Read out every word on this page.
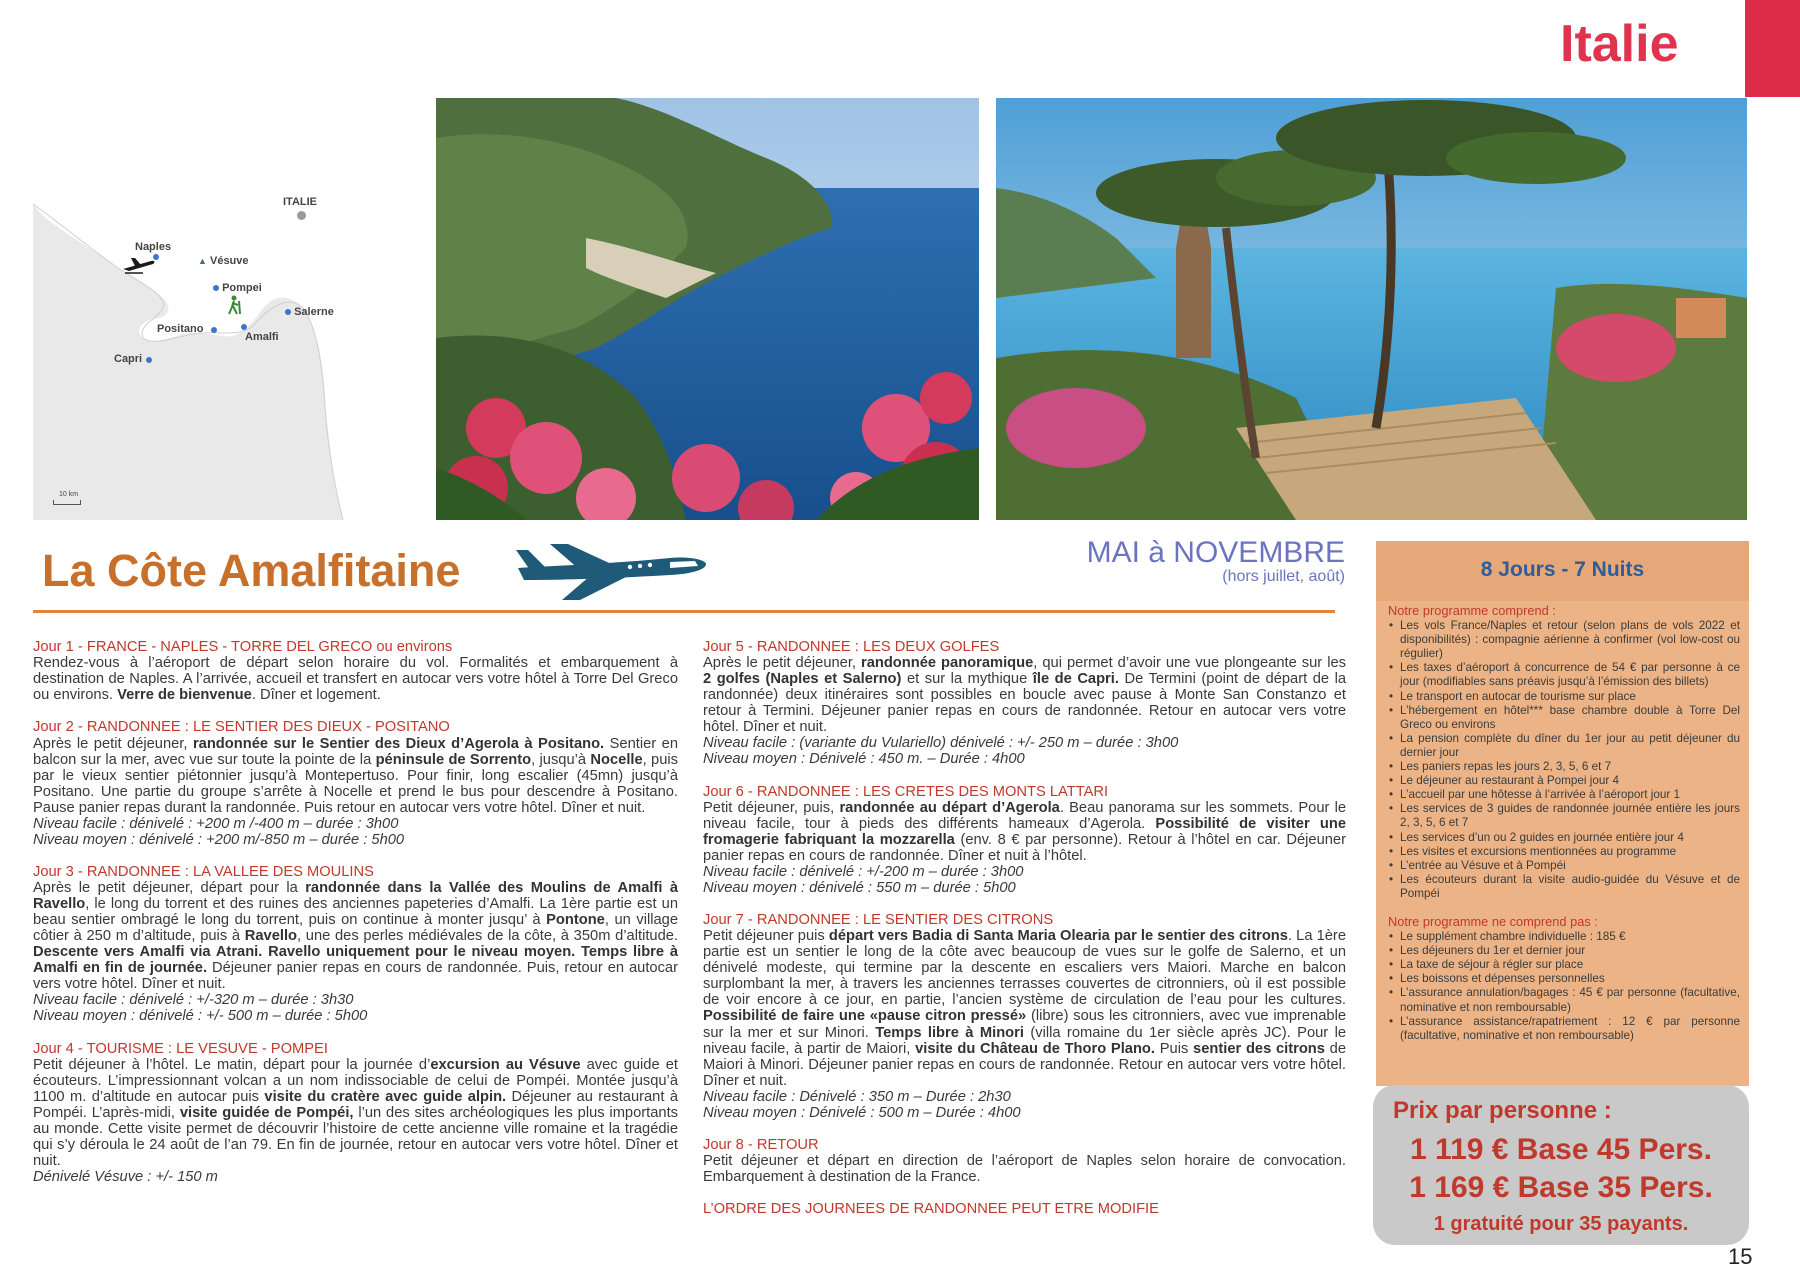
Italie
ITALIE
Naples
▲ Vésuve
Pompei
Salerne
Positano
Amalfi
Capri
10 km
La Côte Amalfitaine	MAI à NOVEMBRE
(hors juillet, août)
Jour 1 - FRANCE - NAPLES - TORRE DEL GRECO ou environs

Rendez-vous à l’aéroport de départ selon horaire du vol. Formalités et embarquement à destination de Naples. A l’arrivée, accueil et transfert en autocar vers votre hôtel à Torre Del Greco ou environs. Verre de bienvenue. Dîner et logement.

Jour 2 - RANDONNEE : LE SENTIER DES DIEUX - POSITANO

Après le petit déjeuner, randonnée sur le Sentier des Dieux d’Agerola à Positano. Sentier en balcon sur la mer, avec vue sur toute la pointe de la péninsule de Sorrento, jusqu’à Nocelle, puis par le vieux sentier piétonnier jusqu’à Montepertuso. Pour finir, long escalier (45mn) jusqu’à Positano. Une partie du groupe s’arrête à Nocelle et prend le bus pour descendre à Positano. Pause panier repas durant la randonnée. Puis retour en autocar vers votre hôtel. Dîner et nuit.

Niveau facile : dénivelé : +200 m /-400 m – durée : 3h00
Niveau moyen : dénivelé : +200 m/-850 m – durée : 5h00
Jour 3 - RANDONNEE : LA VALLEE DES MOULINS

Après le petit déjeuner, départ pour la randonnée dans la Vallée des Moulins de Amalfi à Ravello, le long du torrent et des ruines des anciennes papeteries d’Amalfi. La 1ère partie est un beau sentier ombragé le long du torrent, puis on continue à monter jusqu’ à Pontone, un village côtier à 250 m d’altitude, puis à Ravello, une des perles médiévales de la côte, à 350m d’altitude. Descente vers Amalfi via Atrani. Ravello uniquement pour le niveau moyen. Temps libre à Amalfi en fin de journée. Déjeuner panier repas en cours de randonnée. Puis, retour en autocar vers votre hôtel. Dîner et nuit.

Niveau facile : dénivelé : +/-320 m – durée : 3h30
Niveau moyen : dénivelé : +/- 500 m – durée : 5h00
Jour 4 - TOURISME : LE VESUVE - POMPEI

Petit déjeuner à l’hôtel. Le matin, départ pour la journée d’excursion au Vésuve avec guide et écouteurs. L’impressionnant volcan a un nom indissociable de celui de Pompéi. Montée jusqu’à 1100 m. d’altitude en autocar puis visite du cratère avec guide alpin. Déjeuner au restaurant à Pompéi. L’après-midi, visite guidée de Pompéi, l’un des sites archéologiques les plus importants au monde. Cette visite permet de découvrir l’histoire de cette ancienne ville romaine et la tragédie qui s’y déroula le 24 août de l’an 79. En fin de journée, retour en autocar vers votre hôtel. Dîner et nuit.

Dénivelé Vésuve : +/- 150 m
Jour 5 - RANDONNEE : LES DEUX GOLFES

Après le petit déjeuner, randonnée panoramique, qui permet d’avoir une vue plongeante sur les 2 golfes (Naples et Salerno) et sur la mythique île de Capri. De Termini (point de départ de la randonnée) deux itinéraires sont possibles en boucle avec pause à Monte San Constanzo et retour à Termini. Déjeuner panier repas en cours de randonnée. Retour en autocar vers votre hôtel. Dîner et nuit.

Niveau facile : (variante du Vulariello) dénivelé : +/- 250 m – durée : 3h00
Niveau moyen : Dénivelé : 450 m. – Durée : 4h00
Jour 6 - RANDONNEE : LES CRETES DES MONTS LATTARI

Petit déjeuner, puis, randonnée au départ d’Agerola. Beau panorama sur les sommets. Pour le niveau facile, tour à pieds des différents hameaux d’Agerola. Possibilité de visiter une fromagerie fabriquant la mozzarella (env. 8 € par personne). Retour à l’hôtel en car. Déjeuner panier repas en cours de randonnée. Dîner et nuit à l’hôtel.

Niveau facile : dénivelé : +/-200 m – durée : 3h00
Niveau moyen : dénivelé : 550 m – durée : 5h00
Jour 7 - RANDONNEE : LE SENTIER DES CITRONS

Petit déjeuner puis départ vers Badia di Santa Maria Olearia par le sentier des citrons. La 1ère partie est un sentier le long de la côte avec beaucoup de vues sur le golfe de Salerno, et un dénivelé modeste, qui termine par la descente en escaliers vers Maiori. Marche en balcon surplombant la mer, à travers les anciennes terrasses couvertes de citronniers, où il est possible de voir encore à ce jour, en partie, l’ancien système de circulation de l’eau pour les cultures. Possibilité de faire une «pause citron pressé» (libre) sous les citronniers, avec vue imprenable sur la mer et sur Minori. Temps libre à Minori (villa romaine du 1er siècle après JC). Pour le niveau facile, à partir de Maiori, visite du Château de Thoro Plano. Puis sentier des citrons de Maiori à Minori. Déjeuner panier repas en cours de randonnée. Retour en autocar vers votre hôtel. Dîner et nuit.

Niveau facile : Dénivelé : 350 m – Durée : 2h30
Niveau moyen : Dénivelé : 500 m – Durée : 4h00
Jour 8 - RETOUR

Petit déjeuner et départ en direction de l’aéroport de Naples selon horaire de convocation. Embarquement à destination de la France.

L’ORDRE DES JOURNEES DE RANDONNEE PEUT ETRE MODIFIE
8 Jours - 7 Nuits
Notre programme comprend :
• Les vols France/Naples et retour (selon plans de vols 2022 et disponibilités) : compagnie aérienne à confirmer (vol low-cost ou régulier)
• Les taxes d’aéroport à concurrence de 54 € par personne à ce jour (modifiables sans préavis jusqu’à l’émission des billets)
• Le transport en autocar de tourisme sur place
• L’hébergement en hôtel*** base chambre double à Torre Del Greco ou environs
• La pension complète du dîner du 1er jour au petit déjeuner du dernier jour
• Les paniers repas les jours 2, 3, 5, 6 et 7
• Le déjeuner au restaurant à Pompei jour 4
• L’accueil par une hôtesse à l’arrivée à l’aéroport jour 1
• Les services de 3 guides de randonnée journée entière les jours 2, 3, 5, 6 et 7
• Les services d’un ou 2 guides en journée entière jour 4
• Les visites et excursions mentionnées au programme
• L’entrée au Vésuve et à Pompéi
• Les écouteurs durant la visite audio-guidée du Vésuve et de Pompéi
Notre programme ne comprend pas :
• Le supplément chambre individuelle : 185 €
• Les déjeuners du 1er et dernier jour
• La taxe de séjour à régler sur place
• Les boissons et dépenses personnelles
• L’assurance annulation/bagages : 45 € par personne (facultative, nominative et non remboursable)
• L’assurance assistance/rapatriement : 12 € par personne (facultative, nominative et non remboursable)
Prix par personne :
1 119 € Base 45 Pers.
1 169 € Base 35 Pers.
1 gratuité pour 35 payants.
15
